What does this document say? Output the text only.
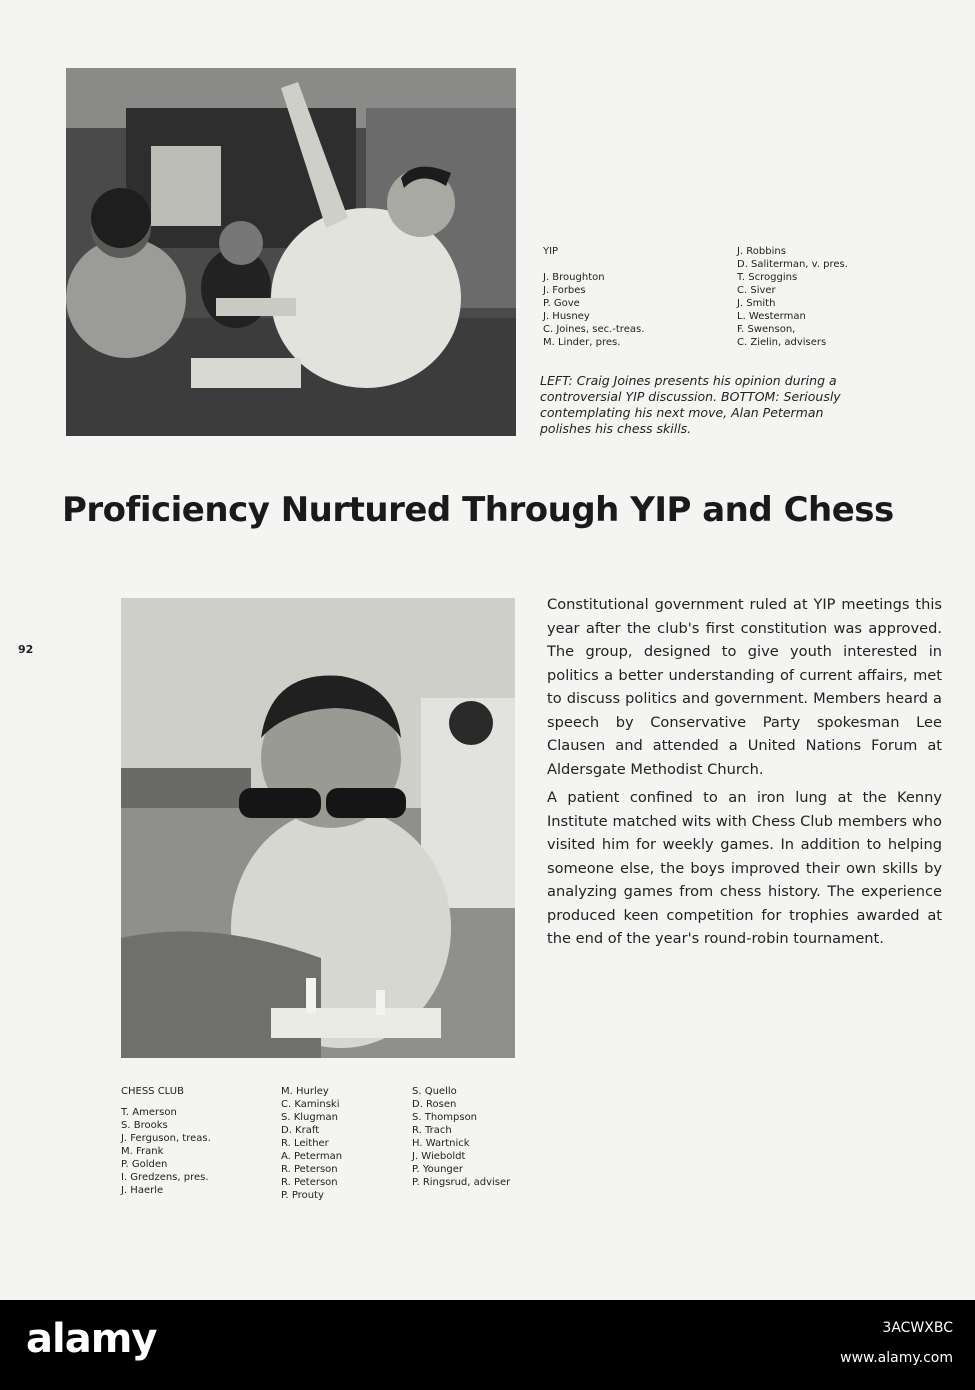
YIP
J. Broughton
J. Forbes
P. Gove
J. Husney
C. Joines, sec.-treas.
M. Linder, pres.
J. Robbins
D. Saliterman, v. pres.
T. Scroggins
C. Siver
J. Smith
L. Westerman
F. Swenson,
C. Zielin, advisers
LEFT: Craig Joines presents his opinion during a controversial YIP discussion. BOTTOM: Seriously contemplating his next move, Alan Peterman polishes his chess skills.
Proficiency Nurtured Through YIP and Chess
92
Constitutional government ruled at YIP meetings this year after the club's first constitution was approved. The group, designed to give youth interested in politics a better understanding of current affairs, met to discuss politics and government. Members heard a speech by Conservative Party spokesman Lee Clausen and attended a United Nations Forum at Aldersgate Methodist Church.
A patient confined to an iron lung at the Kenny Institute matched wits with Chess Club members who visited him for weekly games. In addition to helping someone else, the boys improved their own skills by analyzing games from chess history. The experience produced keen competition for trophies awarded at the end of the year's round-robin tournament.
CHESS CLUB
T. Amerson
S. Brooks
J. Ferguson, treas.
M. Frank
P. Golden
I. Gredzens, pres.
J. Haerle
M. Hurley
C. Kaminski
S. Klugman
D. Kraft
R. Leither
A. Peterman
R. Peterson
R. Peterson
P. Prouty
S. Quello
D. Rosen
S. Thompson
R. Trach
H. Wartnick
J. Wieboldt
P. Younger
P. Ringsrud, adviser
alamy	3ACWXBC
www.alamy.com
